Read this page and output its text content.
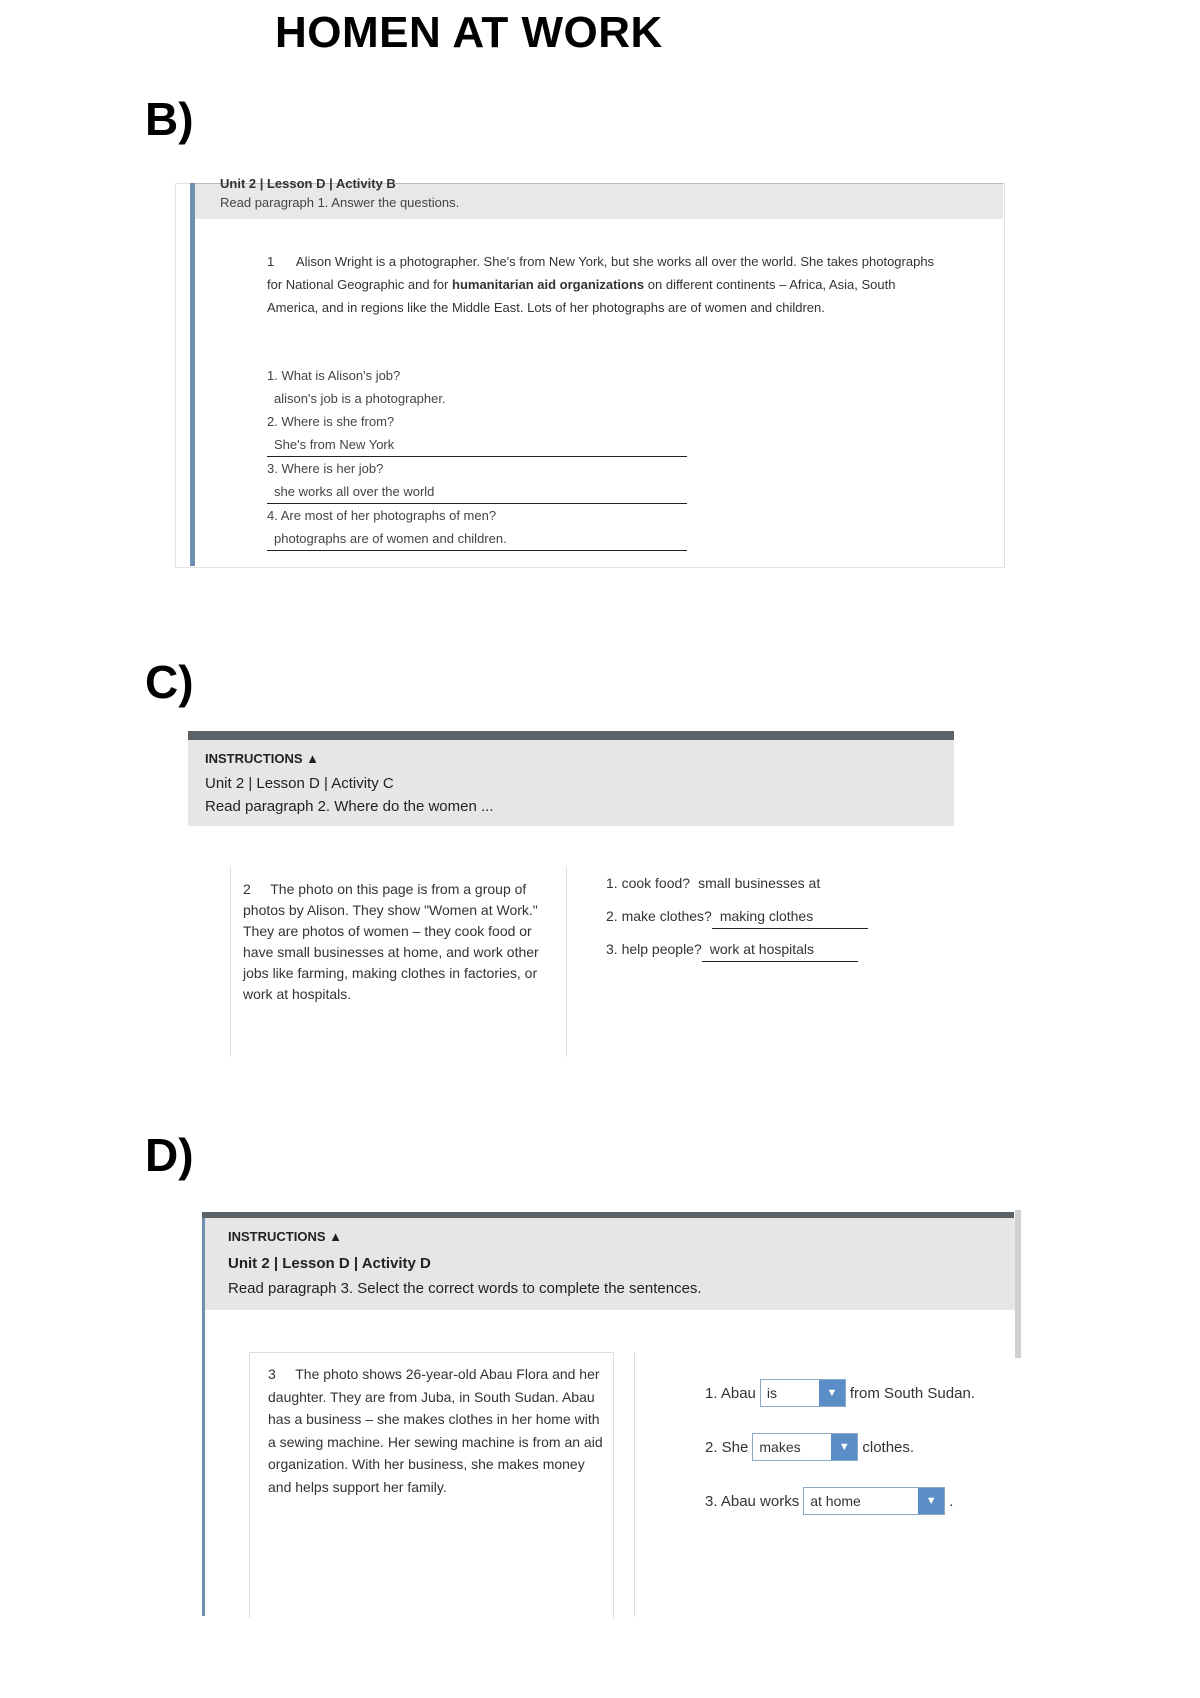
HOMEN AT WORK
B)
Unit 2 | Lesson D | Activity B
Read paragraph 1. Answer the questions.

1 Alison Wright is a photographer. She's from New York, but she works all over the world. She takes photographs for National Geographic and for humanitarian aid organizations on different continents – Africa, Asia, South America, and in regions like the Middle East. Lots of her photographs are of women and children.

1. What is Alison's job?
alison's job is a photographer.
2. Where is she from?
She's from New York
3. Where is her job?
she works all over the world
4. Are most of her photographs of men?
photographs are of women and children.
C)
INSTRUCTIONS ▲
Unit 2 | Lesson D | Activity C
Read paragraph 2. Where do the women ...

2 The photo on this page is from a group of photos by Alison. They show "Women at Work." They are photos of women – they cook food or have small businesses at home, and work other jobs like farming, making clothes in factories, or work at hospitals.

1. cook food? small businesses at
2. make clothes? making clothes
3. help people? work at hospitals
D)
INSTRUCTIONS ▲
Unit 2 | Lesson D | Activity D
Read paragraph 3. Select the correct words to complete the sentences.

3 The photo shows 26-year-old Abau Flora and her daughter. They are from Juba, in South Sudan. Abau has a business – she makes clothes in her home with a sewing machine. Her sewing machine is from an aid organization. With her business, she makes money and helps support her family.

1. Abau is	▼ from South Sudan.
2. She makes	▼ clothes.
3. Abau works at home	▼ .
